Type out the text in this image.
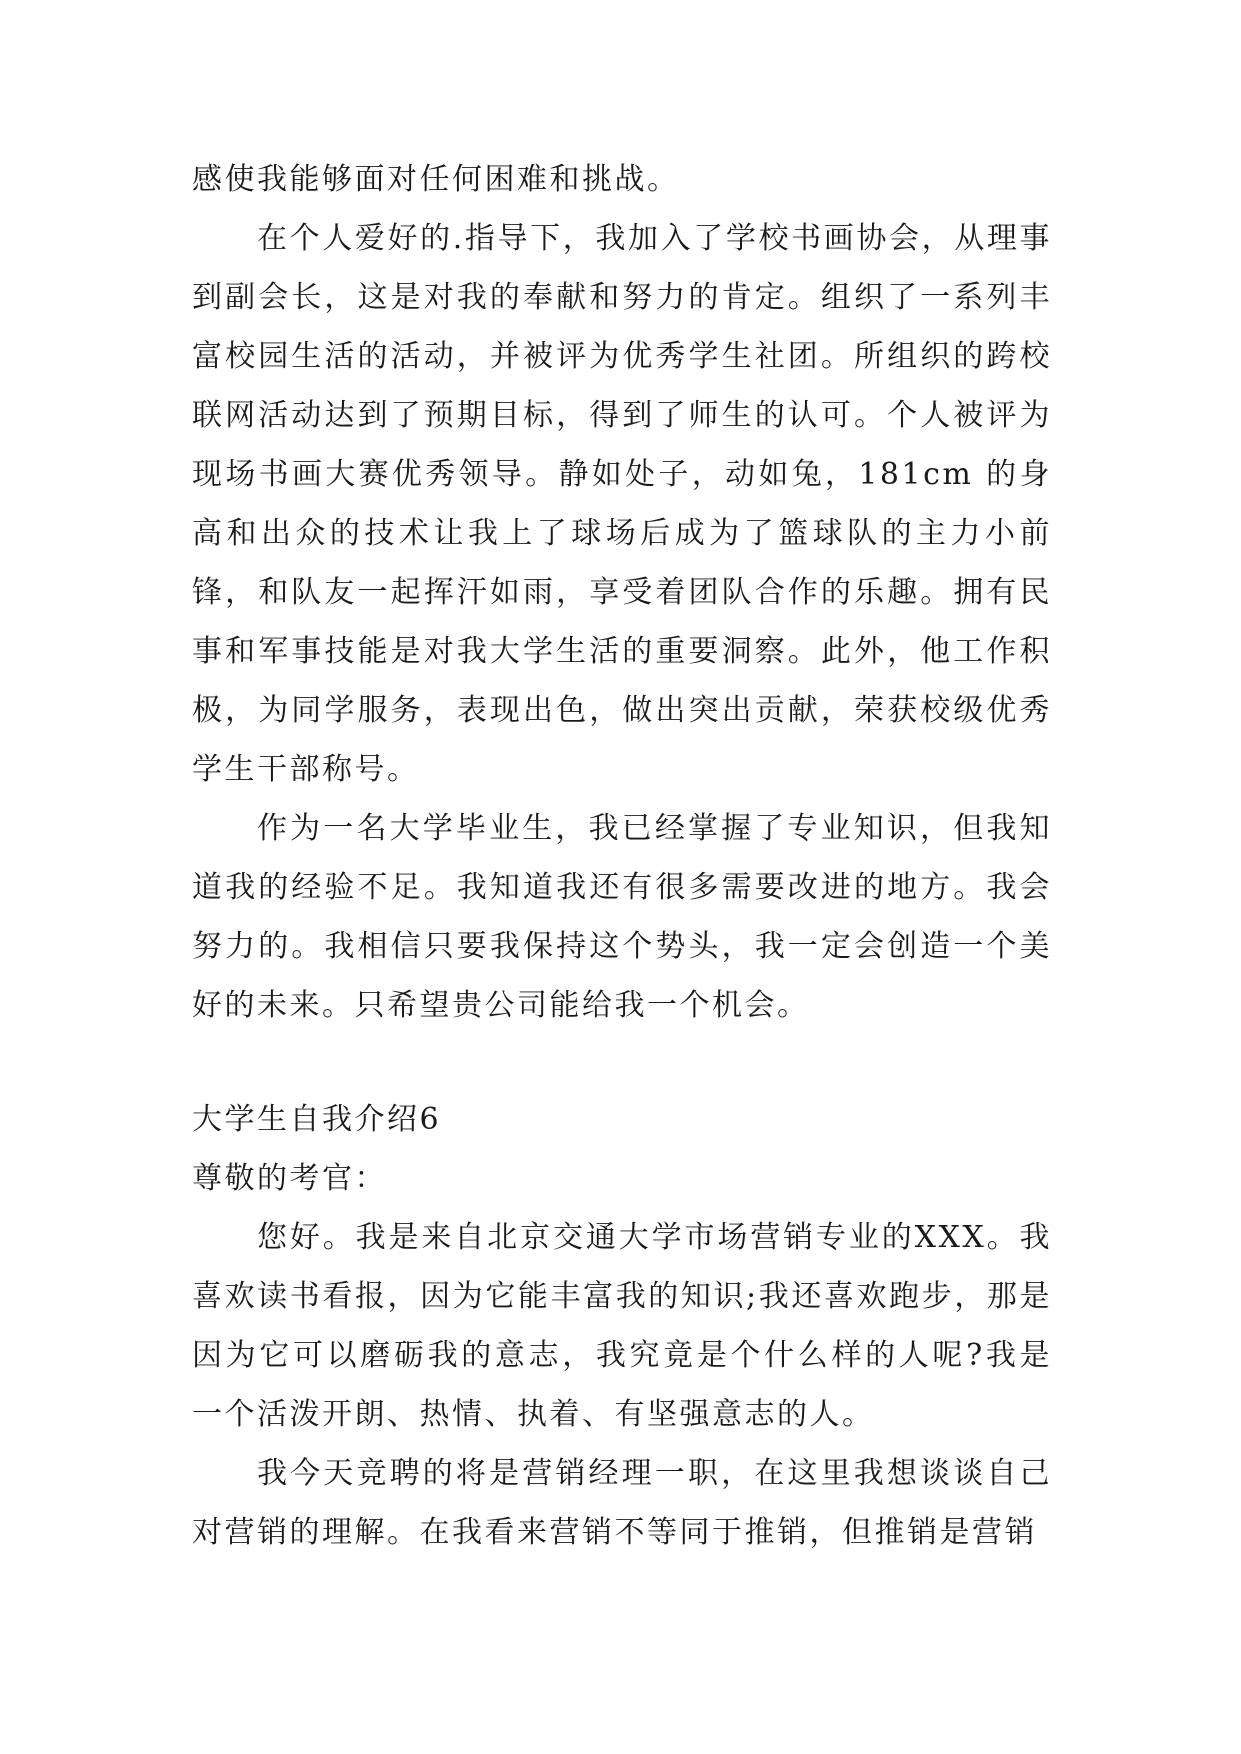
感使我能够面对任何困难和挑战。

在个人爱好的.指导下，我加入了学校书画协会，从理事到副会长，这是对我的奉献和努力的肯定。组织了一系列丰富校园生活的活动，并被评为优秀学生社团。所组织的跨校联网活动达到了预期目标，得到了师生的认可。个人被评为现场书画大赛优秀领导。静如处子，动如兔，181cm 的身高和出众的技术让我上了球场后成为了篮球队的主力小前锋，和队友一起挥汗如雨，享受着团队合作的乐趣。拥有民事和军事技能是对我大学生活的重要洞察。此外，他工作积极，为同学服务，表现出色，做出突出贡献，荣获校级优秀学生干部称号。

作为一名大学毕业生，我已经掌握了专业知识，但我知道我的经验不足。我知道我还有很多需要改进的地方。我会努力的。我相信只要我保持这个势头，我一定会创造一个美好的未来。只希望贵公司能给我一个机会。

大学生自我介绍6

尊敬的考官：

您好。我是来自北京交通大学市场营销专业的XXX。我喜欢读书看报，因为它能丰富我的知识;我还喜欢跑步，那是因为它可以磨砺我的意志，我究竟是个什么样的人呢?我是一个活泼开朗、热情、执着、有坚强意志的人。

我今天竞聘的将是营销经理一职，在这里我想谈谈自己对营销的理解。在我看来营销不等同于推销，但推销是营销
